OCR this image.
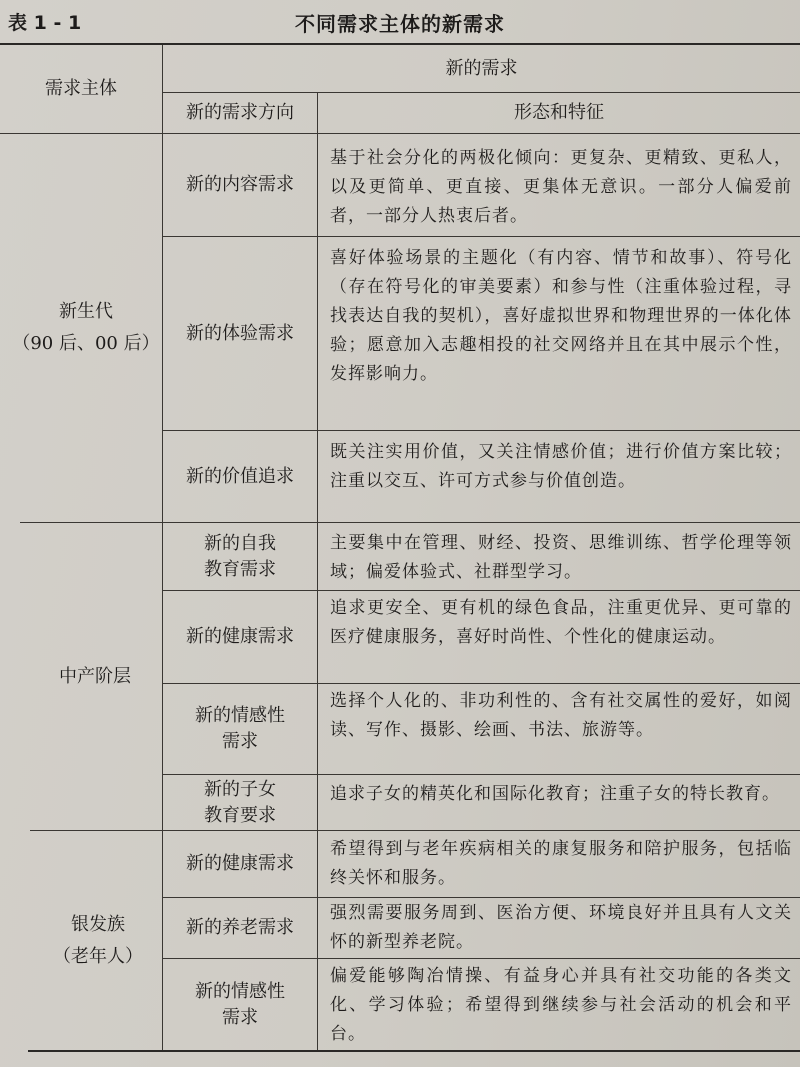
表 1 - 1	不同需求主体的新需求
需求主体
新的需求
新的需求方向	形态和特征
新生代
（90 后、00 后）
新的内容需求
基于社会分化的两极化倾向：更复杂、更精致、更私人，以及更简单、更直接、更集体无意识。一部分人偏爱前者，一部分人热衷后者。
新的体验需求
喜好体验场景的主题化（有内容、情节和故事）、符号化（存在符号化的审美要素）和参与性（注重体验过程，寻找表达自我的契机），喜好虚拟世界和物理世界的一体化体验；愿意加入志趣相投的社交网络并且在其中展示个性，发挥影响力。
新的价值追求
既关注实用价值，又关注情感价值；进行价值方案比较；注重以交互、许可方式参与价值创造。
中产阶层
新的自我
教育需求
主要集中在管理、财经、投资、思维训练、哲学伦理等领域；偏爱体验式、社群型学习。
新的健康需求
追求更安全、更有机的绿色食品，注重更优异、更可靠的医疗健康服务，喜好时尚性、个性化的健康运动。
新的情感性
需求
选择个人化的、非功利性的、含有社交属性的爱好，如阅读、写作、摄影、绘画、书法、旅游等。
新的子女
教育要求
追求子女的精英化和国际化教育；注重子女的特长教育。
银发族
（老年人）
新的健康需求
希望得到与老年疾病相关的康复服务和陪护服务，包括临终关怀和服务。
新的养老需求
强烈需要服务周到、医治方便、环境良好并且具有人文关怀的新型养老院。
新的情感性
需求
偏爱能够陶冶情操、有益身心并具有社交功能的各类文化、学习体验；希望得到继续参与社会活动的机会和平台。
